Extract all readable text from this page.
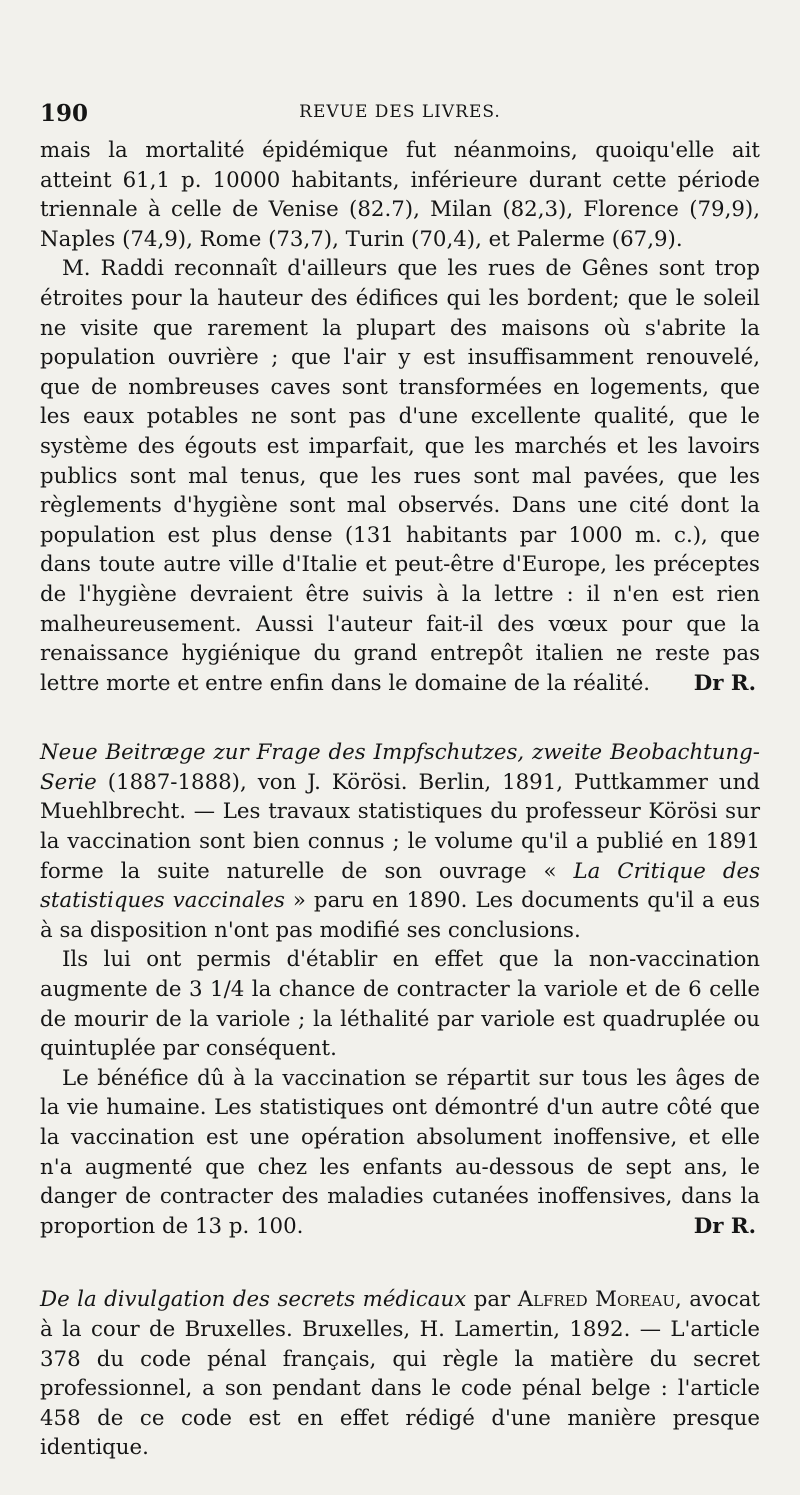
190	REVUE DES LIVRES.

mais la mortalité épidémique fut néanmoins, quoiqu'elle ait atteint 61,1 p. 10000 habitants, inférieure durant cette période triennale à celle de Venise (82.7), Milan (82,3), Florence (79,9), Naples (74,9), Rome (73,7), Turin (70,4), et Palerme (67,9).

M. Raddi reconnaît d'ailleurs que les rues de Gênes sont trop étroites pour la hauteur des édifices qui les bordent; que le soleil ne visite que rarement la plupart des maisons où s'abrite la population ouvrière ; que l'air y est insuffisamment renouvelé, que de nombreuses caves sont transformées en logements, que les eaux potables ne sont pas d'une excellente qualité, que le système des égouts est imparfait, que les marchés et les lavoirs publics sont mal tenus, que les rues sont mal pavées, que les règlements d'hygiène sont mal observés. Dans une cité dont la population est plus dense (131 habitants par 1000 m. c.), que dans toute autre ville d'Italie et peut-être d'Europe, les préceptes de l'hygiène devraient être suivis à la lettre : il n'en est rien malheureusement. Aussi l'auteur fait-il des vœux pour que la renaissance hygiénique du grand entrepôt italien ne reste pas lettre morte et entre enfin dans le domaine de la réalité.	Dr R.

Neue Beitræge zur Frage des Impfschutzes, zweite Beobachtung-Serie (1887-1888), von J. Körösi. Berlin, 1891, Puttkammer und Muehlbrecht. — Les travaux statistiques du professeur Körösi sur la vaccination sont bien connus ; le volume qu'il a publié en 1891 forme la suite naturelle de son ouvrage « La Critique des statistiques vaccinales » paru en 1890. Les documents qu'il a eus à sa disposition n'ont pas modifié ses conclusions.

Ils lui ont permis d'établir en effet que la non-vaccination augmente de 3 1/4 la chance de contracter la variole et de 6 celle de mourir de la variole ; la léthalité par variole est quadruplée ou quintuplée par conséquent.

Le bénéfice dû à la vaccination se répartit sur tous les âges de la vie humaine. Les statistiques ont démontré d'un autre côté que la vaccination est une opération absolument inoffensive, et elle n'a augmenté que chez les enfants au-dessous de sept ans, le danger de contracter des maladies cutanées inoffensives, dans la proportion de 13 p. 100.	Dr R.

De la divulgation des secrets médicaux par Alfred Moreau, avocat à la cour de Bruxelles. Bruxelles, H. Lamertin, 1892. — L'article 378 du code pénal français, qui règle la matière du secret professionnel, a son pendant dans le code pénal belge : l'article 458 de ce code est en effet rédigé d'une manière presque identique.
